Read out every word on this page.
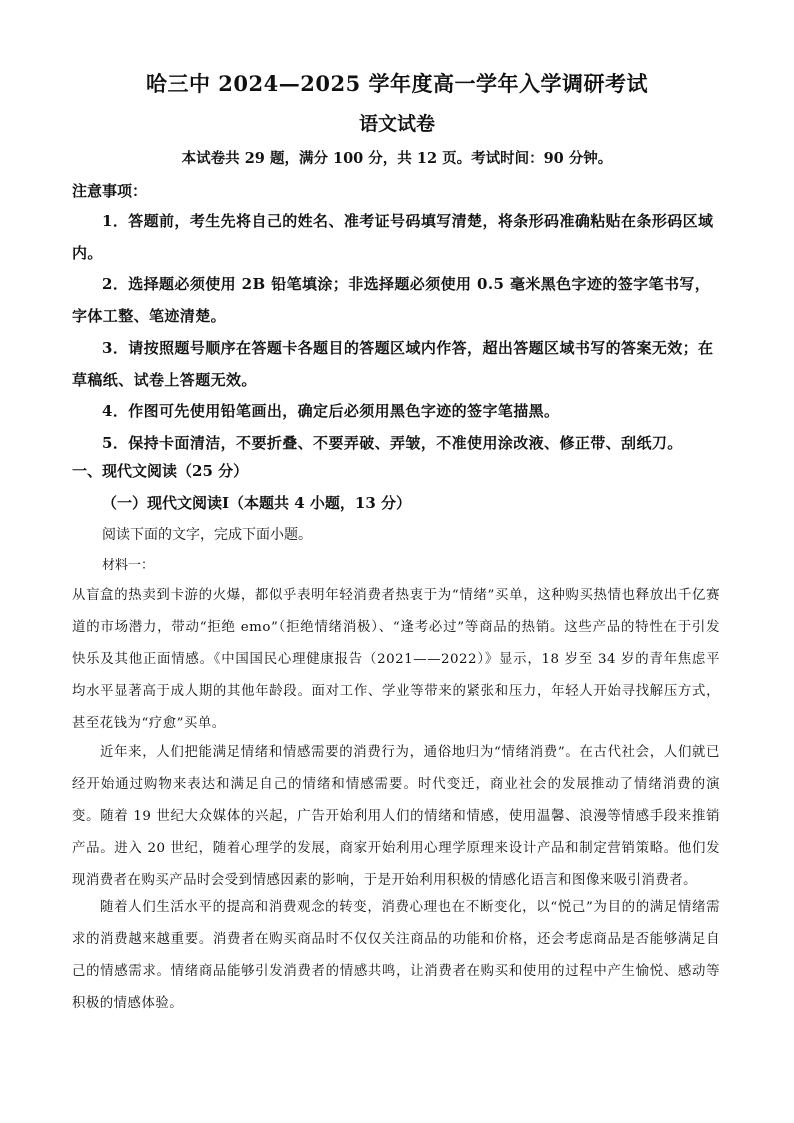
哈三中 2024—2025 学年度高一学年入学调研考试
语文试卷
本试卷共 29 题，满分 100 分，共 12 页。考试时间：90 分钟。
注意事项：
1．答题前，考生先将自己的姓名、准考证号码填写清楚，将条形码准确粘贴在条形码区域内。
2．选择题必须使用 2B 铅笔填涂；非选择题必须使用 0.5 毫米黑色字迹的签字笔书写，字体工整、笔迹清楚。
3．请按照题号顺序在答题卡各题目的答题区域内作答，超出答题区域书写的答案无效；在草稿纸、试卷上答题无效。
4．作图可先使用铅笔画出，确定后必须用黑色字迹的签字笔描黑。
5．保持卡面清洁，不要折叠、不要弄破、弄皱，不准使用涂改液、修正带、刮纸刀。
一、现代文阅读（25 分）
（一）现代文阅读Ⅰ（本题共 4 小题，13 分）
阅读下面的文字，完成下面小题。
材料一：
从盲盒的热卖到卡游的火爆，都似乎表明年轻消费者热衷于为“情绪”买单，这种购买热情也释放出千亿赛道的市场潜力，带动“拒绝 emo”（拒绝情绪消极）、“逢考必过”等商品的热销。这些产品的特性在于引发快乐及其他正面情感。《中国国民心理健康报告（2021——2022）》显示，18 岁至 34 岁的青年焦虑平均水平显著高于成人期的其他年龄段。面对工作、学业等带来的紧张和压力，年轻人开始寻找解压方式，甚至花钱为“疗愈”买单。
近年来，人们把能满足情绪和情感需要的消费行为，通俗地归为“情绪消费”。在古代社会，人们就已经开始通过购物来表达和满足自己的情绪和情感需要。时代变迁，商业社会的发展推动了情绪消费的演变。随着 19 世纪大众媒体的兴起，广告开始利用人们的情绪和情感，使用温馨、浪漫等情感手段来推销产品。进入 20 世纪，随着心理学的发展，商家开始利用心理学原理来设计产品和制定营销策略。他们发现消费者在购买产品时会受到情感因素的影响，于是开始利用积极的情感化语言和图像来吸引消费者。
随着人们生活水平的提高和消费观念的转变，消费心理也在不断变化，以“悦己”为目的的满足情绪需求的消费越来越重要。消费者在购买商品时不仅仅关注商品的功能和价格，还会考虑商品是否能够满足自己的情感需求。情绪商品能够引发消费者的情感共鸣，让消费者在购买和使用的过程中产生愉悦、感动等积极的情感体验。
